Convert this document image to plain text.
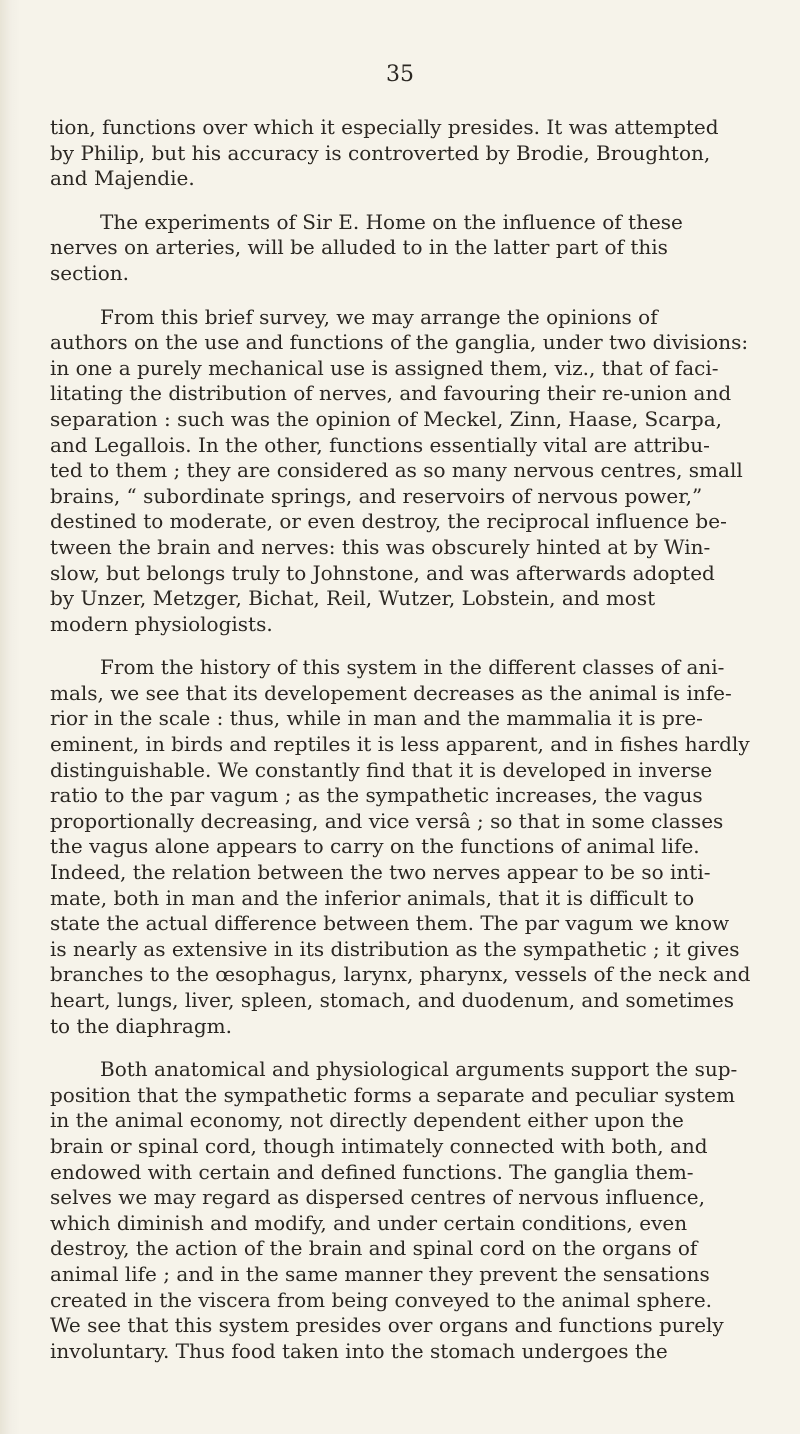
35

tion, functions over which it especially presides. It was attempted
by Philip, but his accuracy is controverted by Brodie, Broughton,
and Majendie.

The experiments of Sir E. Home on the influence of these
nerves on arteries, will be alluded to in the latter part of this
section.

From this brief survey, we may arrange the opinions of
authors on the use and functions of the ganglia, under two divisions:
in one a purely mechanical use is assigned them, viz., that of faci-
litating the distribution of nerves, and favouring their re-union and
separation : such was the opinion of Meckel, Zinn, Haase, Scarpa,
and Legallois. In the other, functions essentially vital are attribu-
ted to them ; they are considered as so many nervous centres, small
brains, “ subordinate springs, and reservoirs of nervous power,”
destined to moderate, or even destroy, the reciprocal influence be-
tween the brain and nerves: this was obscurely hinted at by Win-
slow, but belongs truly to Johnstone, and was afterwards adopted
by Unzer, Metzger, Bichat, Reil, Wutzer, Lobstein, and most
modern physiologists.

From the history of this system in the different classes of ani-
mals, we see that its developement decreases as the animal is infe-
rior in the scale : thus, while in man and the mammalia it is pre-
eminent, in birds and reptiles it is less apparent, and in fishes hardly
distinguishable. We constantly find that it is developed in inverse
ratio to the par vagum ; as the sympathetic increases, the vagus
proportionally decreasing, and vice versâ ; so that in some classes
the vagus alone appears to carry on the functions of animal life.
Indeed, the relation between the two nerves appear to be so inti-
mate, both in man and the inferior animals, that it is difficult to
state the actual difference between them. The par vagum we know
is nearly as extensive in its distribution as the sympathetic ; it gives
branches to the œsophagus, larynx, pharynx, vessels of the neck and
heart, lungs, liver, spleen, stomach, and duodenum, and sometimes
to the diaphragm.

Both anatomical and physiological arguments support the sup-
position that the sympathetic forms a separate and peculiar system
in the animal economy, not directly dependent either upon the
brain or spinal cord, though intimately connected with both, and
endowed with certain and defined functions. The ganglia them-
selves we may regard as dispersed centres of nervous influence,
which diminish and modify, and under certain conditions, even
destroy, the action of the brain and spinal cord on the organs of
animal life ; and in the same manner they prevent the sensations
created in the viscera from being conveyed to the animal sphere.
We see that this system presides over organs and functions purely
involuntary. Thus food taken into the stomach undergoes the
